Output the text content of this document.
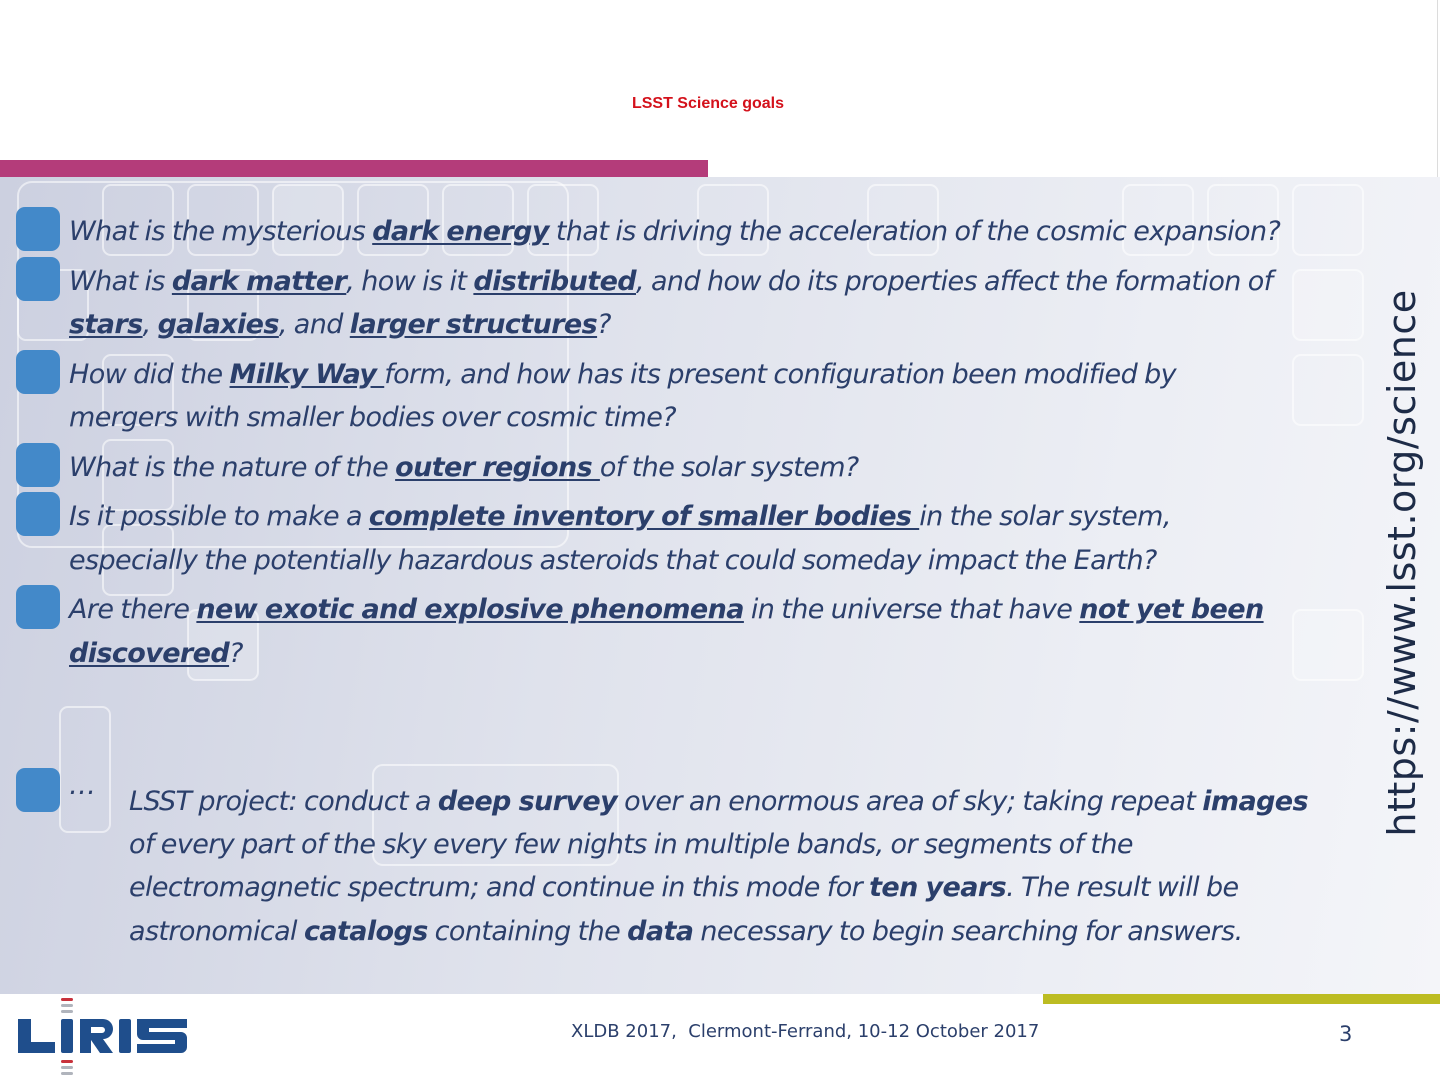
LSST Science goals
What is the mysterious dark energy that is driving the acceleration of the cosmic expansion?
What is dark matter, how is it distributed, and how do its properties affect the formation of stars, galaxies, and larger structures?
How did the Milky Way form, and how has its present configuration been modified by mergers with smaller bodies over cosmic time?
What is the nature of the outer regions of the solar system?
Is it possible to make a complete inventory of smaller bodies in the solar system, especially the potentially hazardous asteroids that could someday impact the Earth?
Are there new exotic and explosive phenomena in the universe that have not yet been discovered?
…
LSST project: conduct a deep survey over an enormous area of sky; taking repeat images of every part of the sky every few nights in multiple bands, or segments of the electromagnetic spectrum; and continue in this mode for ten years. The result will be astronomical catalogs containing the data necessary to begin searching for answers.
https://www.lsst.org/science
XLDB 2017,  Clermont-Ferrand, 10-12 October 2017	3
